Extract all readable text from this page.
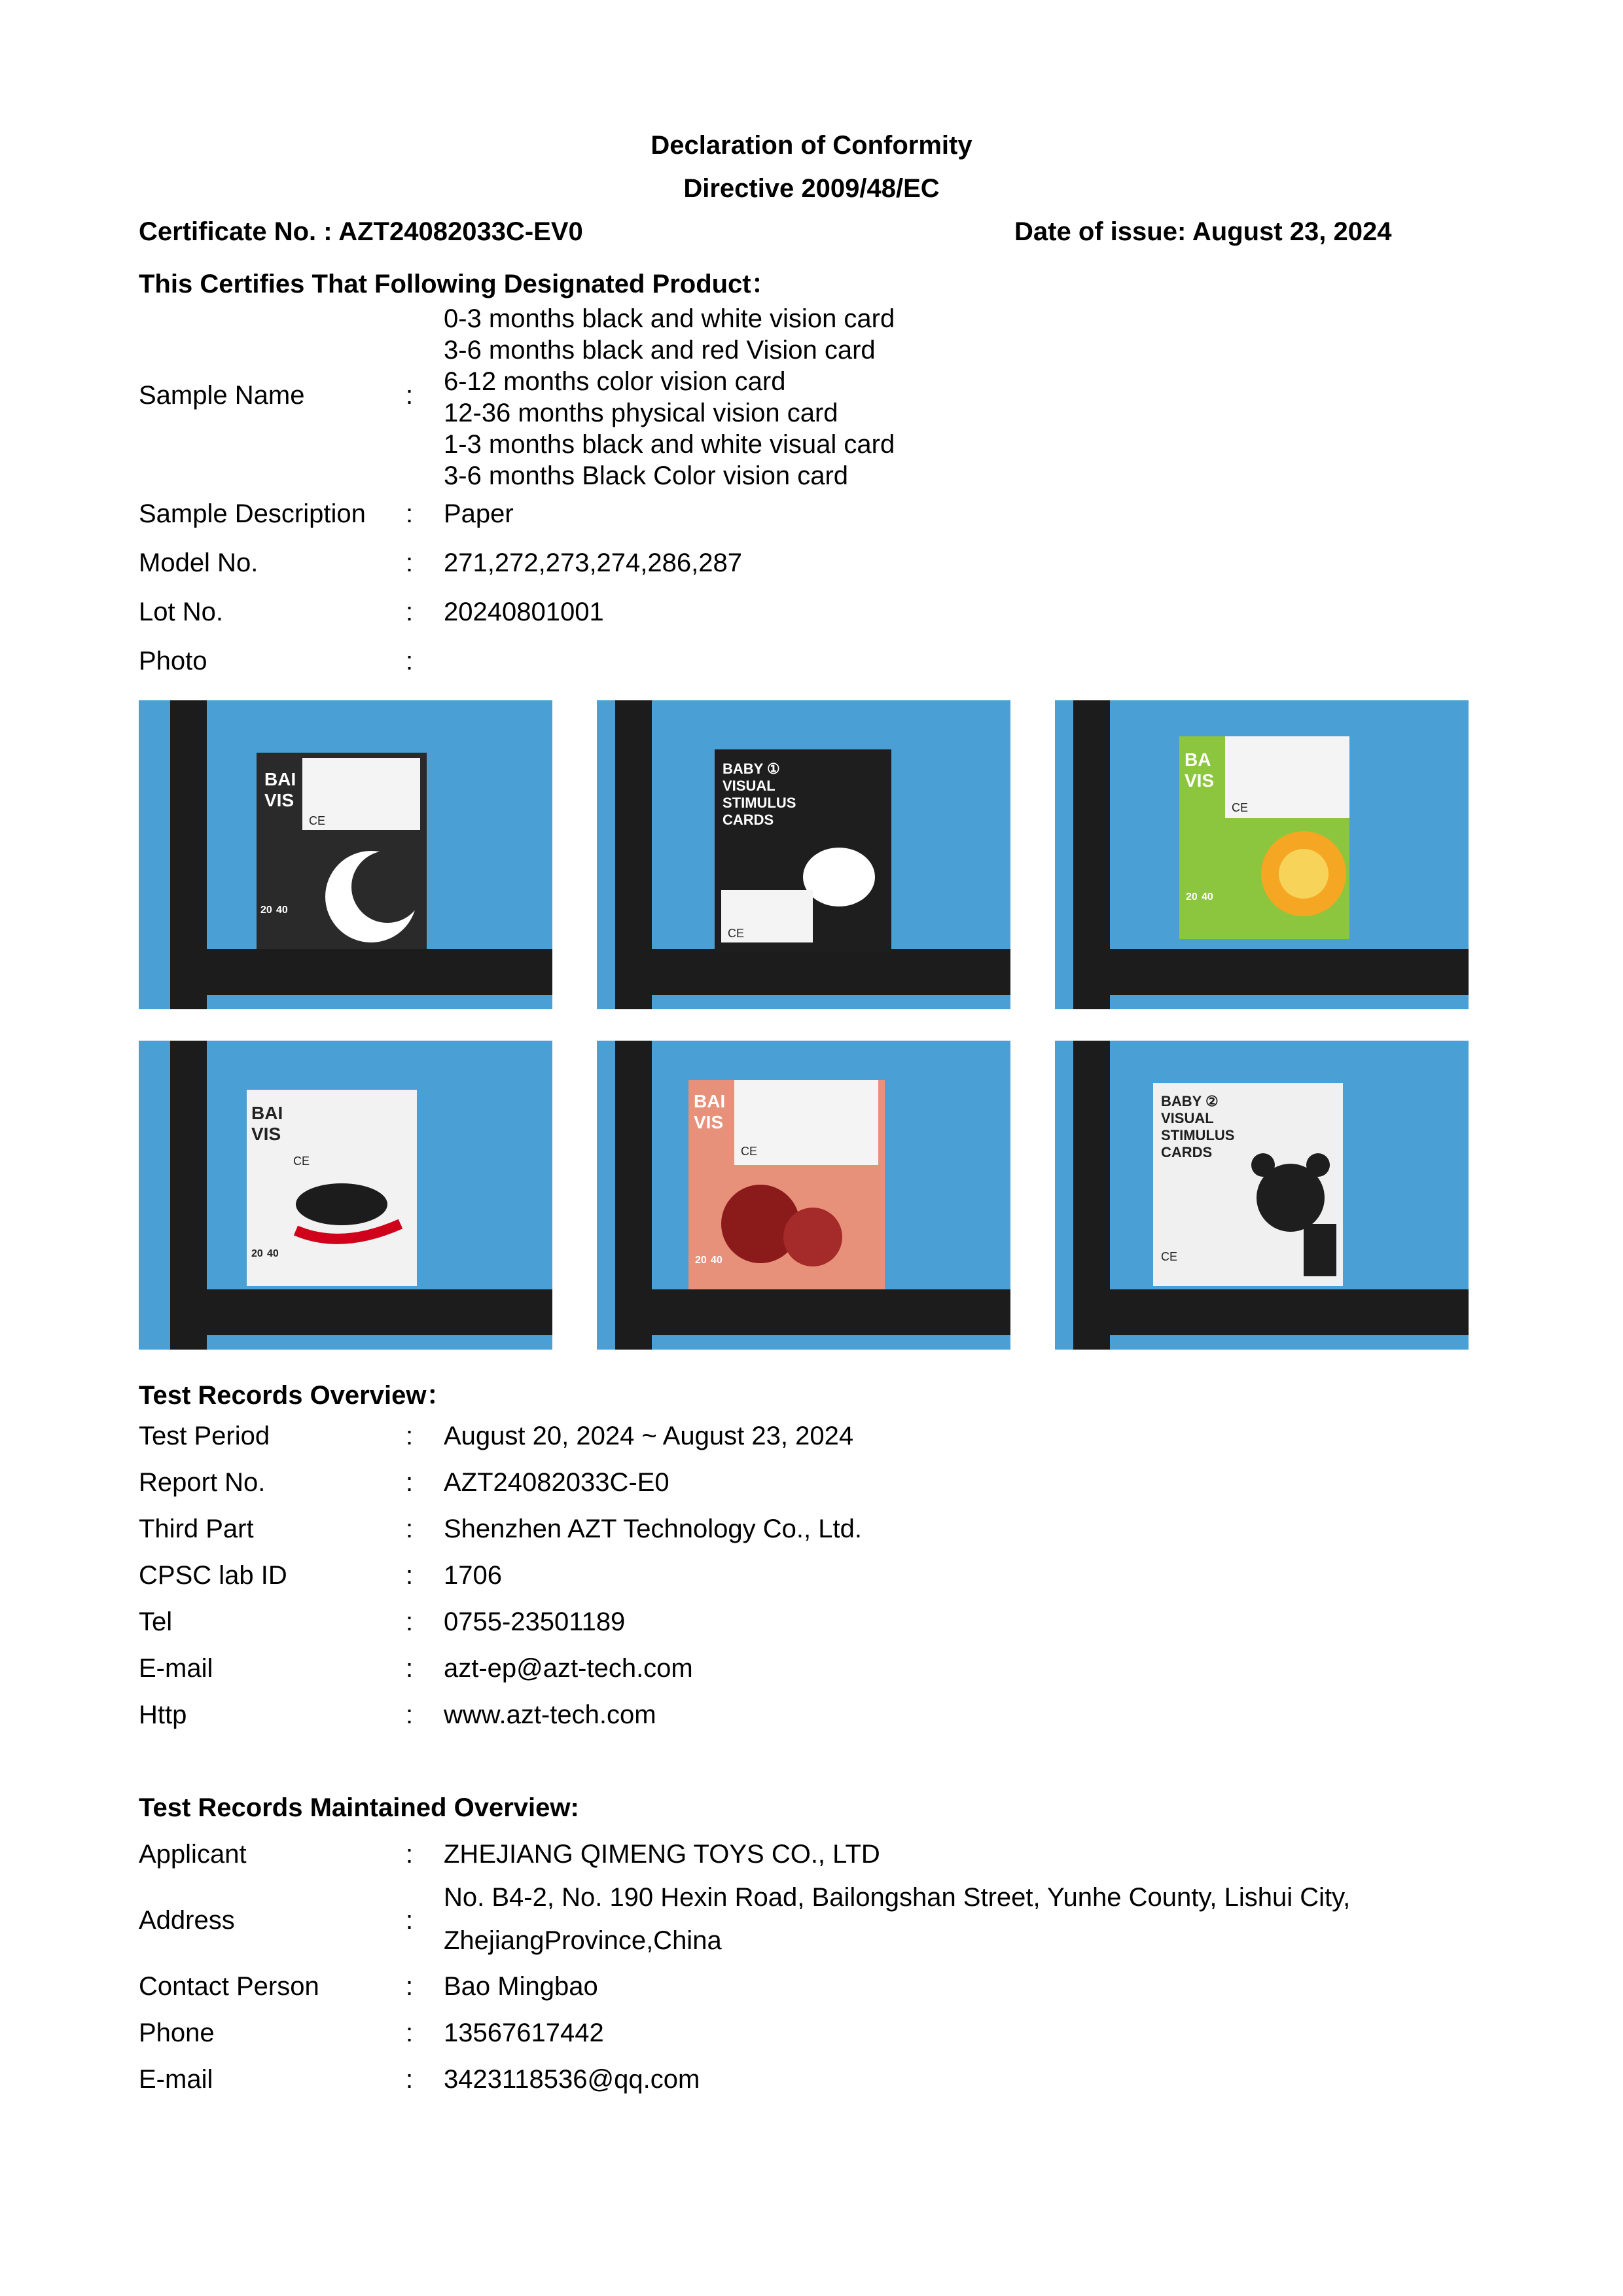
Declaration of Conformity
Directive 2009/48/EC
Certificate No. : AZT24082033C-EV0	Date of issue: August 23, 2024
This Certifies That Following Designated Product：
Sample Name	:
0-3 months black and white vision card
3-6 months black and red Vision card
6-12 months color vision card
12-36 months physical vision card
1-3 months black and white visual card
3-6 months Black Color vision card
Sample Description : Paper
Model No.	: 271,272,273,274,286,287
Lot No.	: 20240801001
Photo	:
BAI
VIS
CE
20 40
BABY ①
VISUAL
STIMULUS
CARDS
CE
BA
VIS
CE
20 40
BAI
VIS
CE
20 40
BAI
VIS
CE
20 40
BABY ②
VISUAL
STIMULUS
CARDS
CE
Test Records Overview：
Test Period	: August 20, 2024 ~ August 23, 2024
Report No.	: AZT24082033C-E0
Third Part	: Shenzhen AZT Technology Co., Ltd.
CPSC lab ID	: 1706
Tel	: 0755-23501189
E-mail	: azt-ep@azt-tech.com
Http	: www.azt-tech.com
Test Records Maintained Overview:
Applicant	: ZHEJIANG QIMENG TOYS CO., LTD
Address	:
No. B4-2, No. 190 Hexin Road, Bailongshan Street, Yunhe County, Lishui City,
ZhejiangProvince,China
Contact Person	: Bao Mingbao
Phone	: 13567617442
E-mail	: 3423118536@qq.com
